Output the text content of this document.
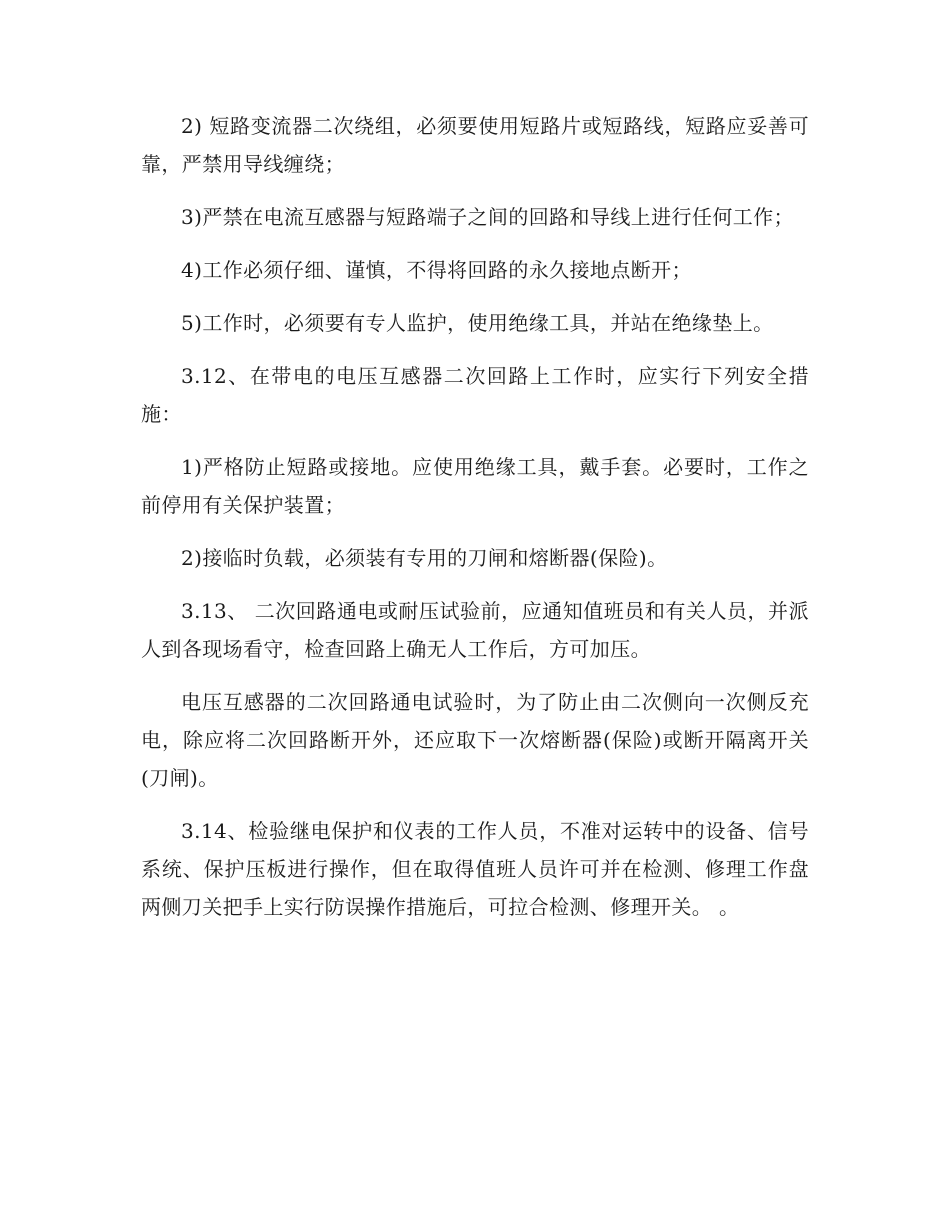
2) 短路变流器二次绕组，必须要使用短路片或短路线，短路应妥善可靠，严禁用导线缠绕；

3)严禁在电流互感器与短路端子之间的回路和导线上进行任何工作；

4)工作必须仔细、谨慎，不得将回路的永久接地点断开；

5)工作时，必须要有专人监护，使用绝缘工具，并站在绝缘垫上。

3.12、在带电的电压互感器二次回路上工作时，应实行下列安全措施：

1)严格防止短路或接地。应使用绝缘工具，戴手套。必要时，工作之前停用有关保护装置；

2)接临时负载，必须装有专用的刀闸和熔断器(保险)。

3.13、 二次回路通电或耐压试验前，应通知值班员和有关人员，并派人到各现场看守，检查回路上确无人工作后，方可加压。

电压互感器的二次回路通电试验时，为了防止由二次侧向一次侧反充电，除应将二次回路断开外，还应取下一次熔断器(保险)或断开隔离开关(刀闸)。

3.14、检验继电保护和仪表的工作人员，不准对运转中的设备、信号系统、保护压板进行操作，但在取得值班人员许可并在检测、修理工作盘两侧刀关把手上实行防误操作措施后，可拉合检测、修理开关。 。
